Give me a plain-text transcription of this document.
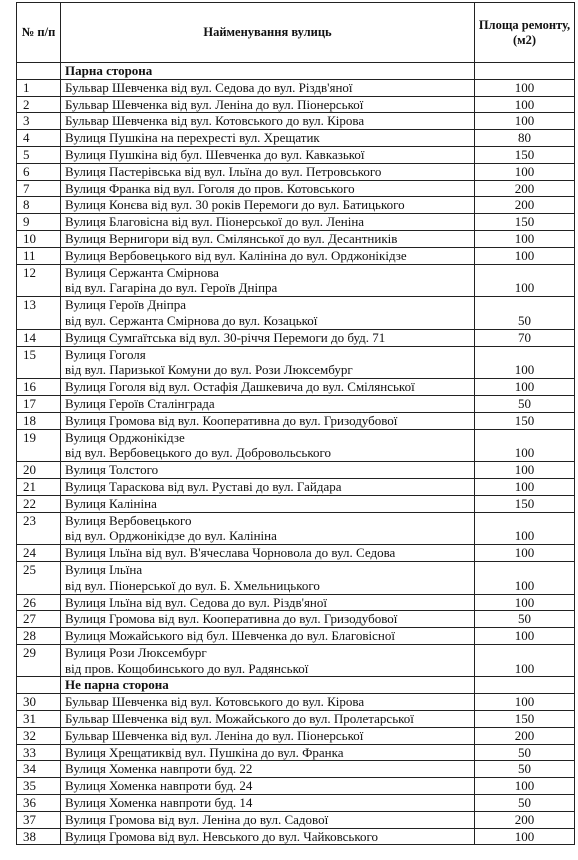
№ п/п	Найменування вулиць	Площа ремонту, (м2)

	Парна сторона	

1	Бульвар Шевченка від вул. Седова до вул. Різдв'яної	100

2	Бульвар Шевченка від вул. Леніна до вул. Піонерської	100

3	Бульвар Шевченка від вул. Котовського до вул. Кірова	100

4	Вулиця Пушкіна на перехресті вул. Хрещатик	80

5	Вулиця Пушкіна від бул. Шевченка до вул. Кавказької	150

6	Вулиця Пастерівська від вул. Ільїна до вул. Петровського	100

7	Вулиця Франка від вул. Гоголя до пров. Котовського	200

8	Вулиця Конєва від вул. 30 років Перемоги до вул. Батицького	200

9	Вулиця Благовісна від вул. Піонерської до вул. Леніна	150

10	Вулиця Вернигори від вул. Смілянської до вул. Десантників	100

11	Вулиця Вербовецького від вул. Калініна до вул. Орджонікідзе	100

12	Вулиця Сержанта Смірнова
від вул. Гагаріна до вул. Героїв Дніпра	100

13	Вулиця Героїв Дніпра
від вул. Сержанта Смірнова до вул. Козацької	50

14	Вулиця Сумгаїтська від вул. 30-річчя Перемоги до буд. 71	70

15	Вулиця Гоголя
від вул. Паризької Комуни до вул. Рози Люксембург	100

16	Вулиця Гоголя від вул. Остафія Дашкевича до вул. Смілянської	100

17	Вулиця Героїв Сталінграда	50

18	Вулиця Громова від вул. Кооперативна до вул. Гризодубової	150

19	Вулиця Орджонікідзе
від вул. Вербовецького до вул. Добровольського	100

20	Вулиця Толстого	100

21	Вулиця Тараскова від вул. Руставі до вул. Гайдара	100

22	Вулиця Калініна	150

23	Вулиця Вербовецького
від вул. Орджонікідзе до вул. Калініна	100

24	Вулиця Ільїна від вул. В'ячеслава Чорновола до вул. Седова	100

25	Вулиця Ільїна
від вул. Піонерської до вул. Б. Хмельницького	100

26	Вулиця Ільїна від вул. Седова до вул. Різдв'яної	100

27	Вулиця Громова від вул. Кооперативна до вул. Гризодубової	50

28	Вулиця Можайського від бул. Шевченка до вул. Благовісної	100

29	Вулиця Рози Люксембург
від пров. Кощобинського до вул. Радянської	100

	Не парна сторона	

30	Бульвар Шевченка від вул. Котовського до вул. Кірова	100

31	Бульвар Шевченка від вул. Можайського до вул. Пролетарської	150

32	Бульвар Шевченка від вул. Леніна до вул. Піонерської	200

33	Вулиця Хрещатиквід вул. Пушкіна до вул. Франка	50

34	Вулиця Хоменка навпроти буд. 22	50

35	Вулиця Хоменка навпроти буд. 24	100

36	Вулиця Хоменка навпроти буд. 14	50

37	Вулиця Громова від вул. Леніна до вул. Садової	200

38	Вулиця Громова від вул. Невського до вул. Чайковського	100
